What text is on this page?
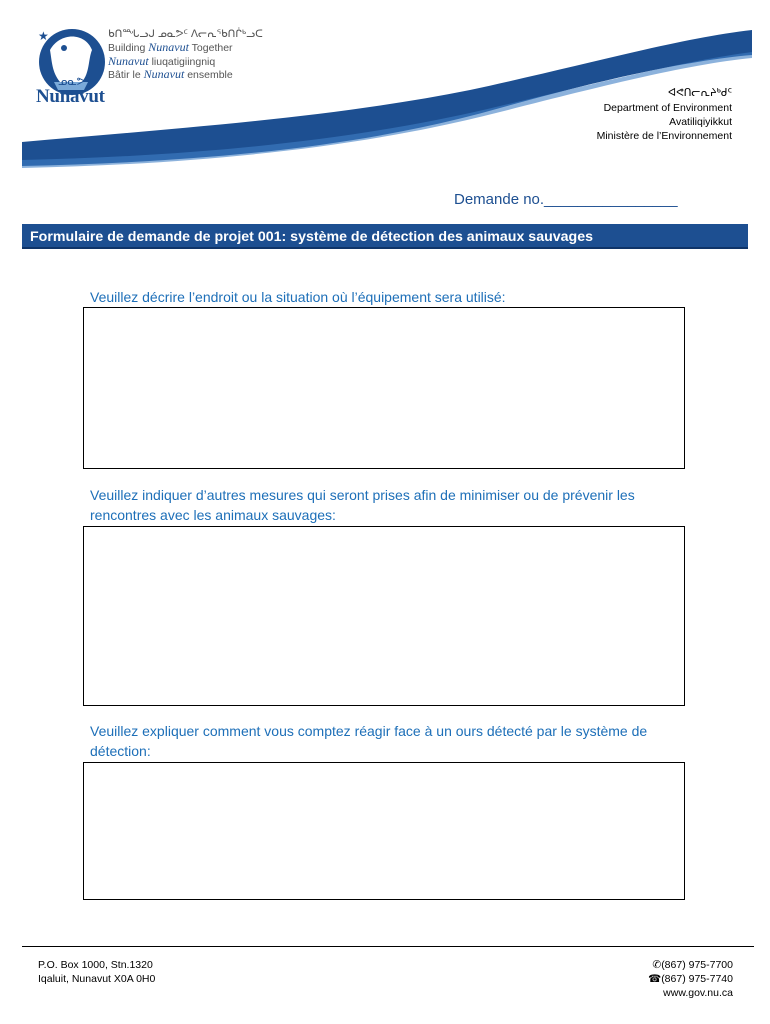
★
ᓄᓇᕗᑦ
Nunavut
ᑲᑎᙵᓗᒍ ᓄᓇᕗᑦ ᐱᓕᕆᖃᑎᒌᒃᓗᑕ
Building Nunavut Together
Nunavut liuqatigiingniq
Bâtir le Nunavut ensemble
ᐊᕙᑎᓕᕆᔨᒃᑯᑦ
Department of Environment
Avatiliqiyikkut
Ministère de l’Environnement
Demande no.________________
Formulaire de demande de projet 001: système de détection des animaux sauvages
Veuillez décrire l’endroit ou la situation où l’équipement sera utilisé:
Veuillez indiquer d’autres mesures qui seront prises afin de minimiser ou de prévenir les rencontres avec les animaux sauvages:
Veuillez expliquer comment vous comptez réagir face à un ours détecté par le système de détection:
P.O. Box 1000, Stn.1320
Iqaluit, Nunavut X0A 0H0
✆(867) 975-7700
☎(867) 975-7740
www.gov.nu.ca
